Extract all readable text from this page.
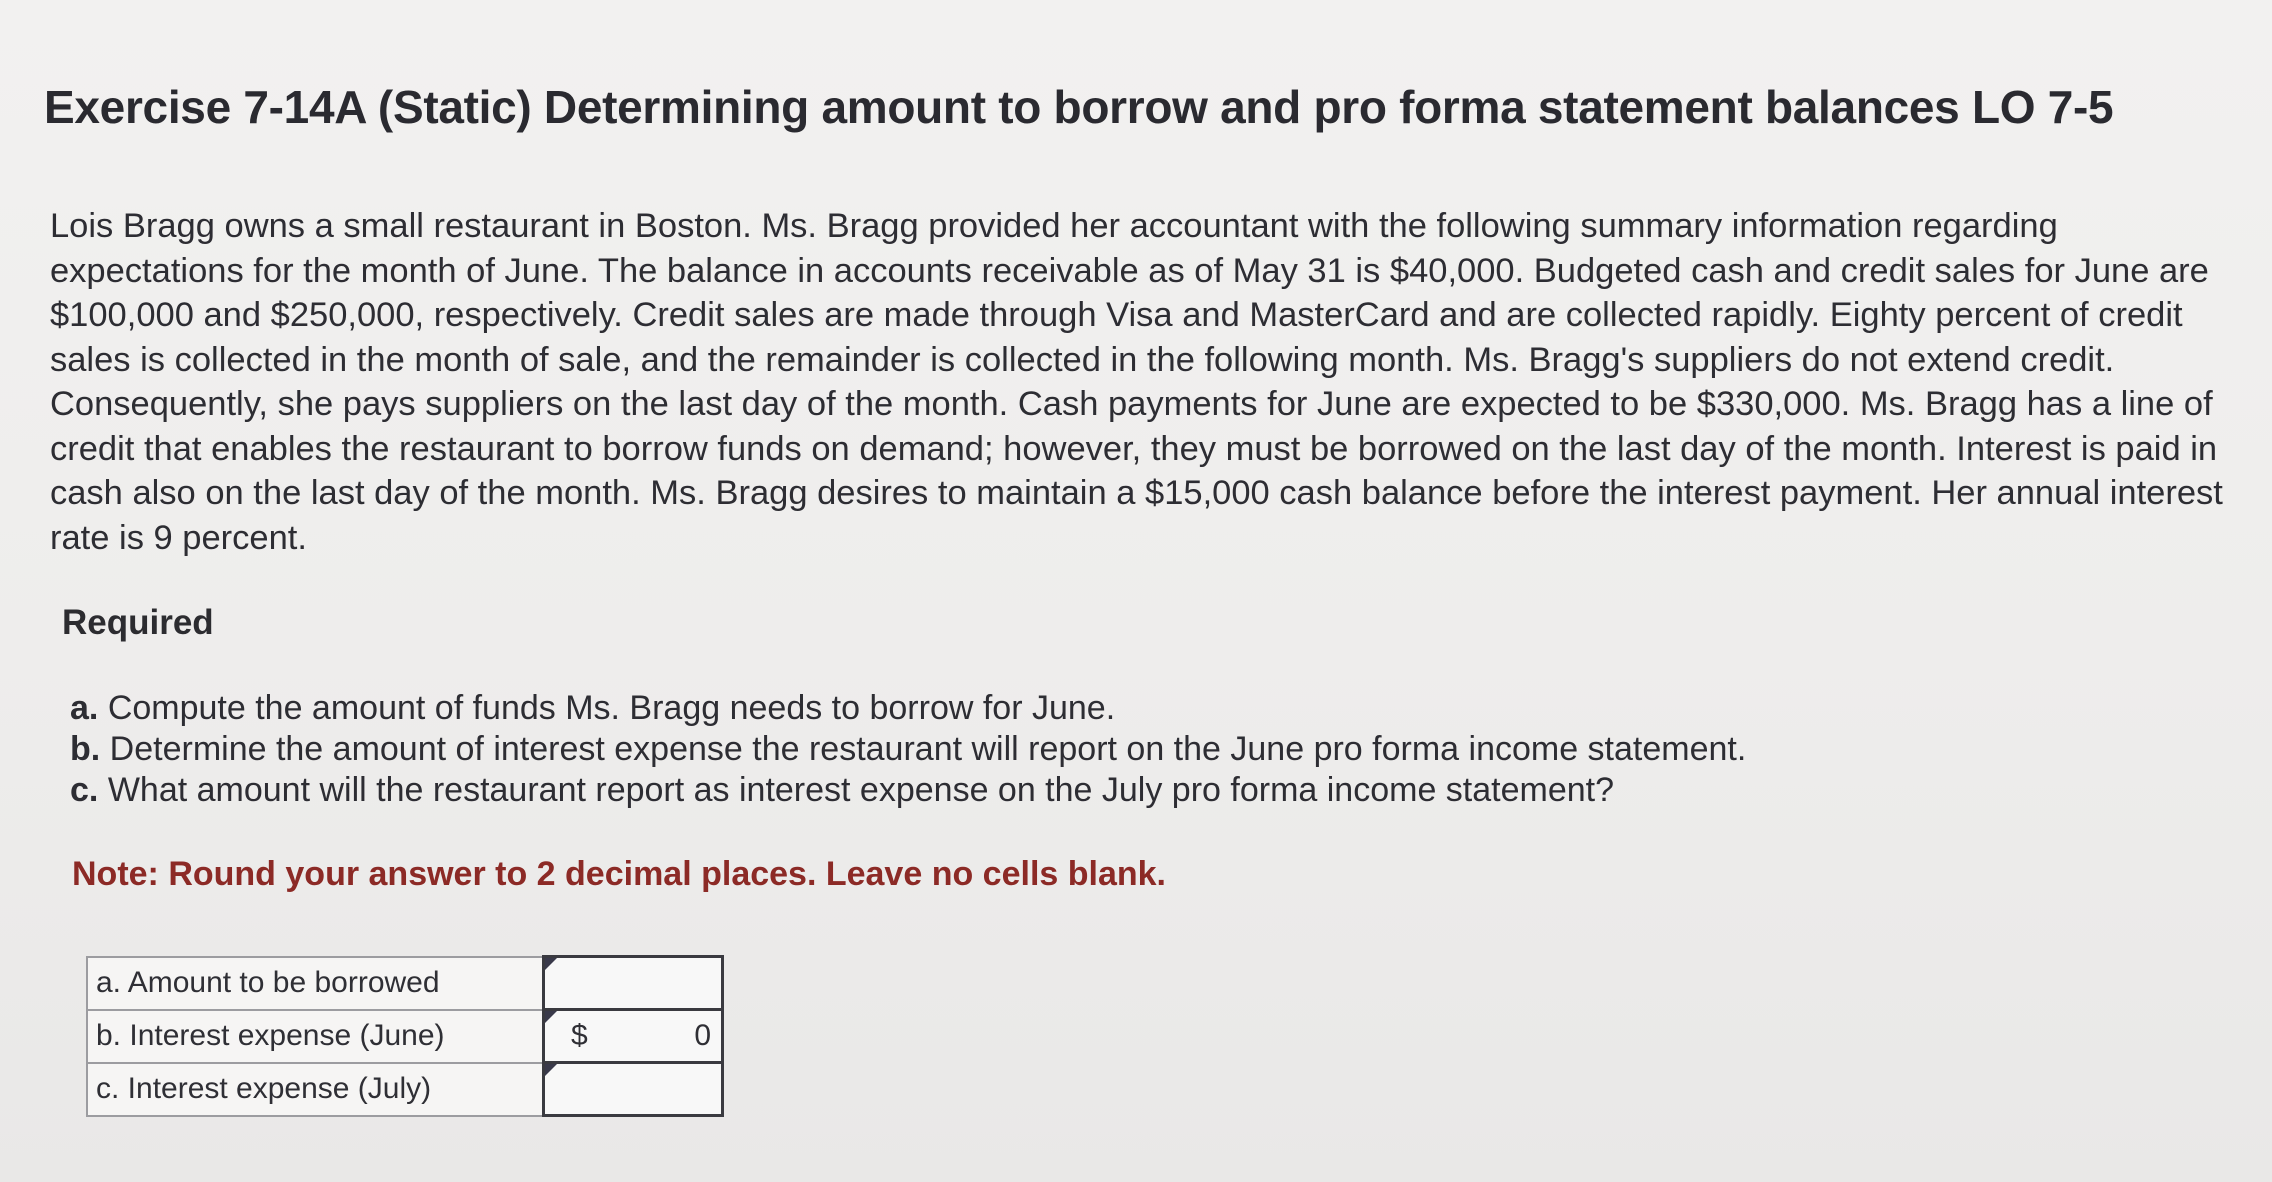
Exercise 7-14A (Static) Determining amount to borrow and pro forma statement balances LO 7-5

Lois Bragg owns a small restaurant in Boston. Ms. Bragg provided her accountant with the following summary information regarding expectations for the month of June. The balance in accounts receivable as of May 31 is $40,000. Budgeted cash and credit sales for June are $100,000 and $250,000, respectively. Credit sales are made through Visa and MasterCard and are collected rapidly. Eighty percent of credit sales is collected in the month of sale, and the remainder is collected in the following month. Ms. Bragg's suppliers do not extend credit. Consequently, she pays suppliers on the last day of the month. Cash payments for June are expected to be $330,000. Ms. Bragg has a line of credit that enables the restaurant to borrow funds on demand; however, they must be borrowed on the last day of the month. Interest is paid in cash also on the last day of the month. Ms. Bragg desires to maintain a $15,000 cash balance before the interest payment. Her annual interest rate is 9 percent.

Required
a. Compute the amount of funds Ms. Bragg needs to borrow for June.
b. Determine the amount of interest expense the restaurant will report on the June pro forma income statement.
c. What amount will the restaurant report as interest expense on the July pro forma income statement?
Note: Round your answer to 2 decimal places. Leave no cells blank.
a. Amount to be borrowed	

b. Interest expense (June)	$ 0

c. Interest expense (July)	
